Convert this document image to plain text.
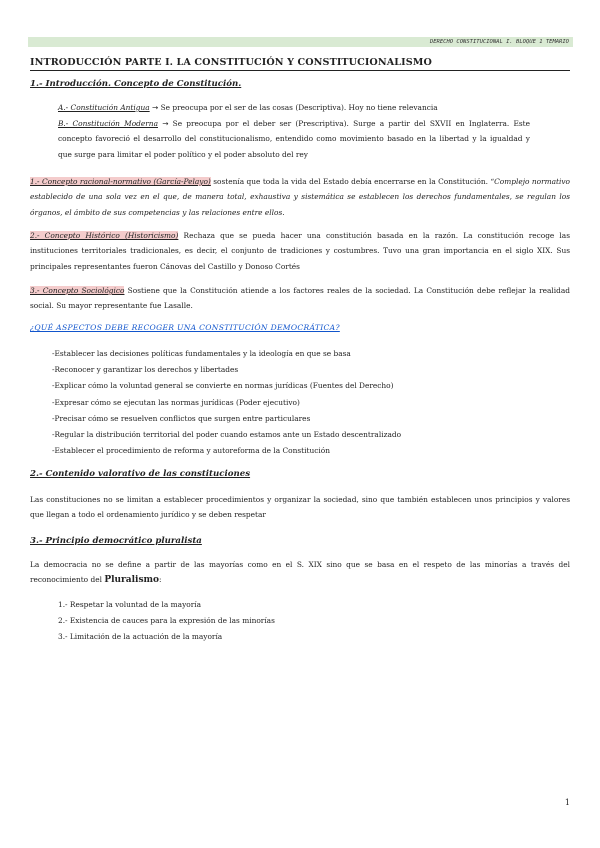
DERECHO CONSTITUCIONAL I. BLOQUE 1 TEMARIO
INTRODUCCIÓN PARTE I. LA CONSTITUCIÓN Y CONSTITUCIONALISMO
1.- Introducción. Concepto de Constitución.
A.- Constitución Antigua → Se preocupa por el ser de las cosas (Descriptiva). Hoy no tiene relevancia
B.- Constitución Moderna → Se preocupa por el deber ser (Prescriptiva). Surge a partir del SXVII en Inglaterra. Este concepto favoreció el desarrollo del constitucionalismo, entendido como movimiento basado en la libertad y la igualdad y que surge para limitar el poder político y el poder absoluto del rey
1.- Concepto racional-normativo (García-Pelayo) sostenía que toda la vida del Estado debía encerrarse en la Constitución. “Complejo normativo establecido de una sola vez en el que, de manera total, exhaustiva y sistemática se establecen los derechos fundamentales, se regulan los órganos, el ámbito de sus competencias y las relaciones entre ellos.
2.- Concepto Histórico (Historicismo) Rechaza que se pueda hacer una constitución basada en la razón. La constitución recoge las instituciones territoriales tradicionales, es decir, el conjunto de tradiciones y costumbres. Tuvo una gran importancia en el siglo XIX. Sus principales representantes fueron Cánovas del Castillo y Donoso Cortés
3.- Concepto Sociológico Sostiene que la Constitución atiende a los factores reales de la sociedad. La Constitución debe reflejar la realidad social. Su mayor representante fue Lasalle.
¿QUÉ ASPECTOS DEBE RECOGER UNA CONSTITUCIÓN DEMOCRÁTICA?
-Establecer las decisiones políticas fundamentales y la ideología en que se basa
-Reconocer y garantizar los derechos y libertades
-Explicar cómo la voluntad general se convierte en normas jurídicas (Fuentes del Derecho)
-Expresar cómo se ejecutan las normas jurídicas (Poder ejecutivo)
-Precisar cómo se resuelven conflictos que surgen entre particulares
-Regular la distribución territorial del poder cuando estamos ante un Estado descentralizado
-Establecer el procedimiento de reforma y autoreforma de la Constitución
2.- Contenido valorativo de las constituciones
Las constituciones no se limitan a establecer procedimientos y organizar la sociedad, sino que también establecen unos principios y valores que llegan a todo el ordenamiento jurídico y se deben respetar
3.- Principio democrático pluralista
La democracia no se define a partir de las mayorías como en el S. XIX sino que se basa en el respeto de las minorías a través del reconocimiento del Pluralismo:
1.- Respetar la voluntad de la mayoría
2.- Existencia de cauces para la expresión de las minorías
3.- Limitación de la actuación de la mayoría
1
